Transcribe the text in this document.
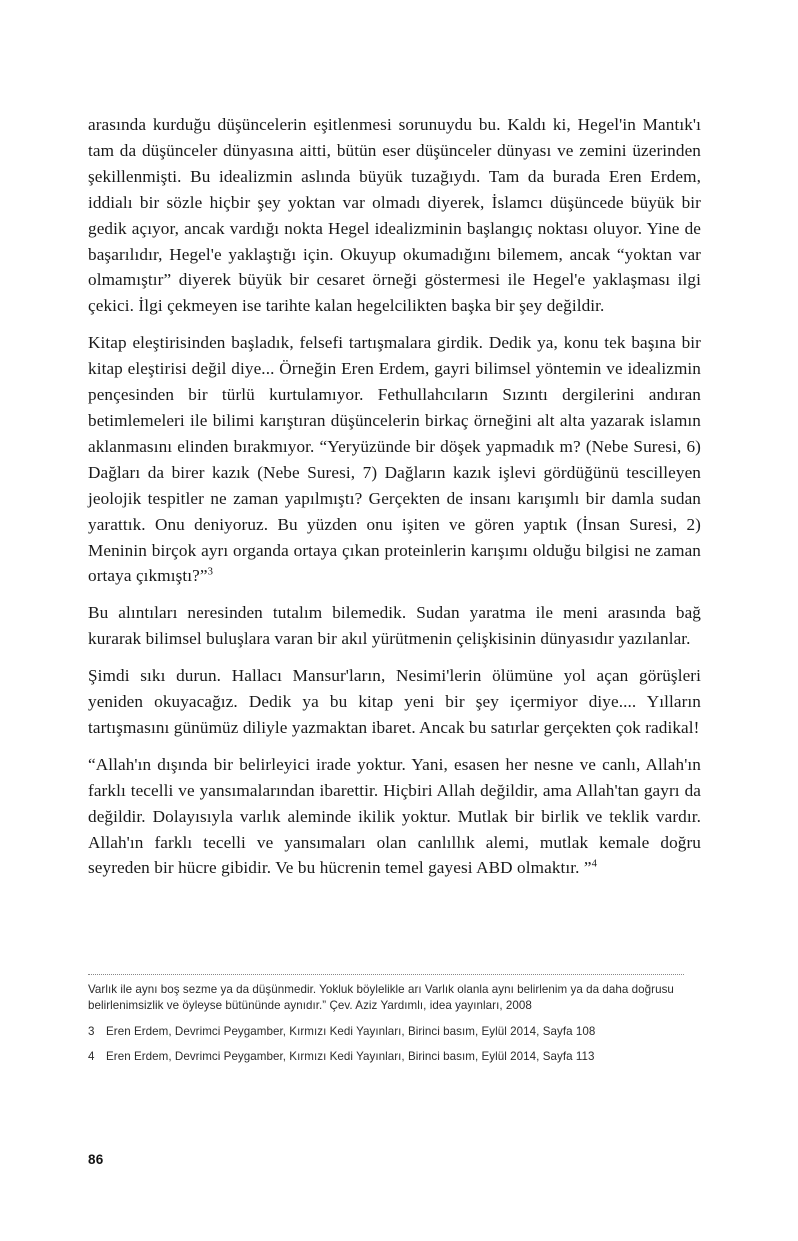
arasında kurduğu düşüncelerin eşitlenmesi sorunuydu bu. Kaldı ki, Hegel'in Mantık'ı tam da düşünceler dünyasına aitti, bütün eser düşünceler dünyası ve zemini üzerinden şekillenmişti. Bu idealizmin aslında büyük tuzağıydı. Tam da burada Eren Erdem, iddialı bir sözle hiçbir şey yoktan var olmadı diyerek, İslamcı düşüncede büyük bir gedik açıyor, ancak vardığı nokta Hegel idealizminin başlangıç noktası oluyor. Yine de başarılıdır, Hegel'e yaklaştığı için. Okuyup okumadığını bilemem, ancak “yoktan var olmamıştır” diyerek büyük bir cesaret örneği göstermesi ile Hegel'e yaklaşması ilgi çekici. İlgi çekmeyen ise tarihte kalan hegelcilikten başka bir şey değildir.

Kitap eleştirisinden başladık, felsefi tartışmalara girdik. Dedik ya, konu tek başına bir kitap eleştirisi değil diye... Örneğin Eren Erdem, gayri bilimsel yöntemin ve idealizmin pençesinden bir türlü kurtulamıyor. Fethullahcıların Sızıntı dergilerini andıran betimlemeleri ile bilimi karıştıran düşüncelerin birkaç örneğini alt alta yazarak islamın aklanmasını elinden bırakmıyor. “Yeryüzünde bir döşek yapmadık m? (Nebe Suresi, 6) Dağları da birer kazık (Nebe Suresi, 7) Dağların kazık işlevi gördüğünü tescilleyen jeolojik tespitler ne zaman yapılmıştı? Gerçekten de insanı karışımlı bir damla sudan yarattık. Onu deniyoruz. Bu yüzden onu işiten ve gören yaptık (İnsan Suresi, 2) Meninin birçok ayrı organda ortaya çıkan proteinlerin karışımı olduğu bilgisi ne zaman ortaya çıkmıştı?”$^3$

Bu alıntıları neresinden tutalım bilemedik. Sudan yaratma ile meni arasında bağ kurarak bilimsel buluşlara varan bir akıl yürütmenin çelişkisinin dünyasıdır yazılanlar.

Şimdi sıkı durun. Hallacı Mansur'ların, Nesimi'lerin ölümüne yol açan görüşleri yeniden okuyacağız. Dedik ya bu kitap yeni bir şey içermiyor diye.... Yılların tartışmasını günümüz diliyle yazmaktan ibaret. Ancak bu satırlar gerçekten çok radikal!

“Allah'ın dışında bir belirleyici irade yoktur. Yani, esasen her nesne ve canlı, Allah'ın farklı tecelli ve yansımalarından ibarettir. Hiçbiri Allah değildir, ama Allah'tan gayrı da değildir. Dolayısıyla varlık aleminde ikilik yoktur. Mutlak bir birlik ve teklik vardır. Allah'ın farklı tecelli ve yansımaları olan canlıllık alemi, mutlak kemale doğru seyreden bir hücre gibidir. Ve bu hücrenin temel gayesi ABD olmaktır. ”$^4$

Varlık ile aynı boş sezme ya da düşünmedir. Yokluk böylelikle arı Varlık olanla aynı belirlenim ya da daha doğrusu belirlenimsizlik ve öyleyse bütününde aynıdır.” Çev. Aziz Yardımlı, idea yayınları, 2008

3 Eren Erdem, Devrimci Peygamber, Kırmızı Kedi Yayınları, Birinci basım, Eylül 2014, Sayfa 108

4 Eren Erdem, Devrimci Peygamber, Kırmızı Kedi Yayınları, Birinci basım, Eylül 2014, Sayfa 113

86
